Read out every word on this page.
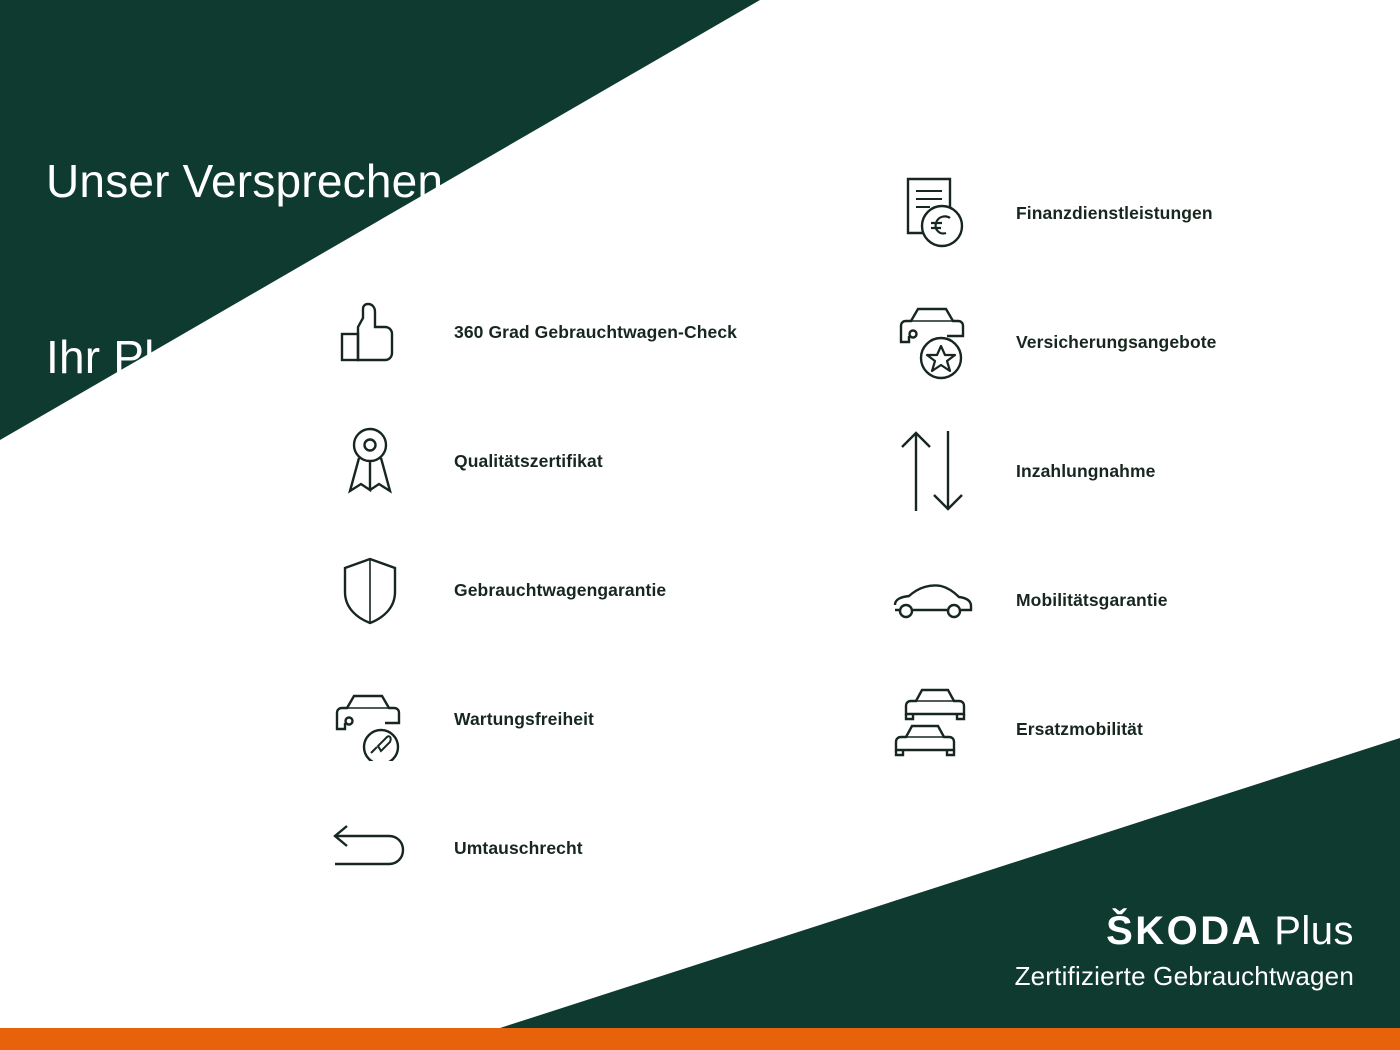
Unser Versprechen.

Ihr Plus.

	360 Grad Gebrauchtwagen-Check
Qualitätszertifikat
Gebrauchtwagengarantie
Wartungsfreiheit
Umtauschrecht
Finanzdienstleistungen
Versicherungsangebote
Inzahlungnahme
Mobilitätsgarantie
Ersatzmobilität
ŠKODA Plus
Zertifizierte Gebrauchtwagen
